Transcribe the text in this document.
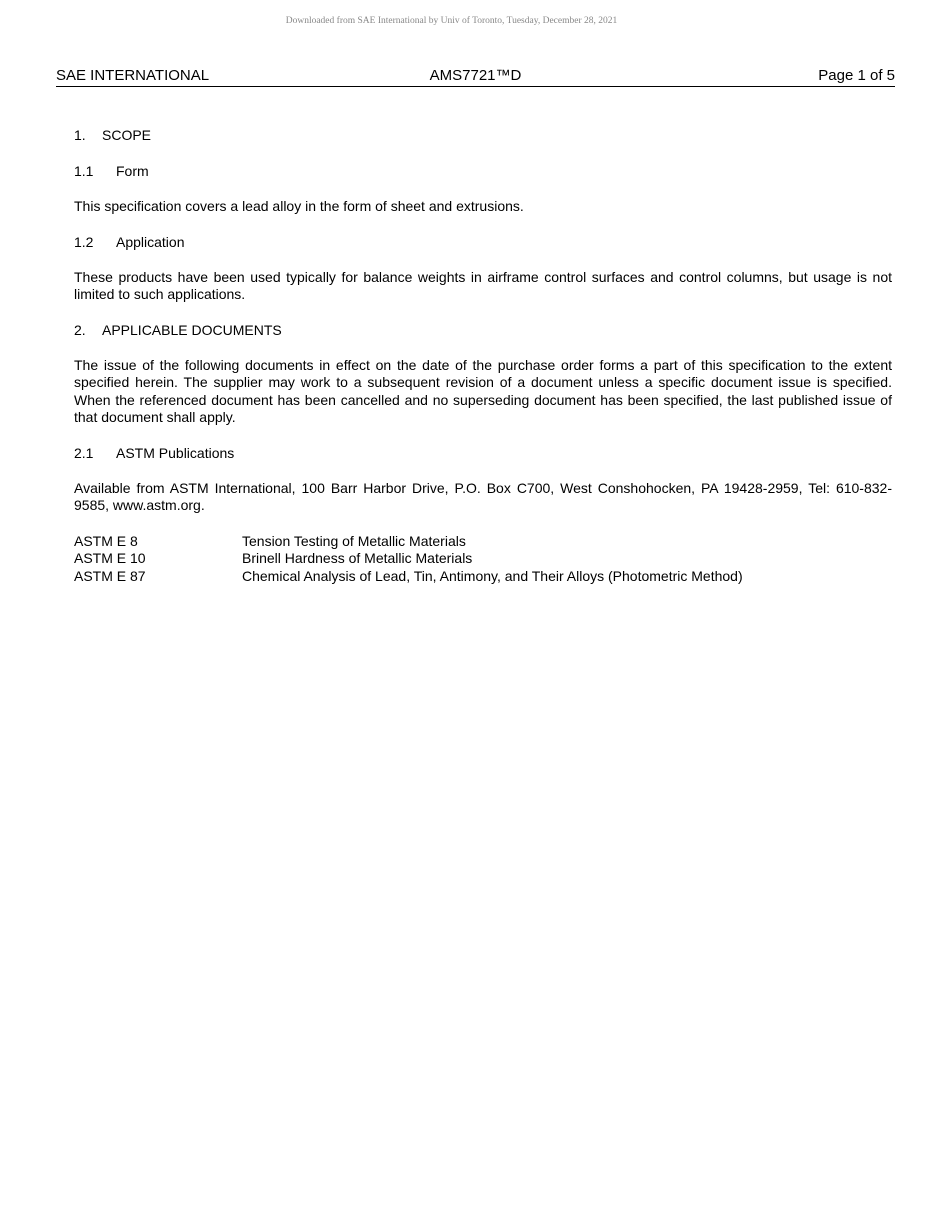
Downloaded from SAE International by Univ of Toronto, Tuesday, December 28, 2021
AMS7721™D
SAE INTERNATIONAL	Page 1 of 5
1. SCOPE
1.1 Form

This specification covers a lead alloy in the form of sheet and extrusions.

1.2 Application

These products have been used typically for balance weights in airframe control surfaces and control columns, but usage is not limited to such applications.

2. APPLICABLE DOCUMENTS

The issue of the following documents in effect on the date of the purchase order forms a part of this specification to the extent specified herein. The supplier may work to a subsequent revision of a document unless a specific document issue is specified. When the referenced document has been cancelled and no superseding document has been specified, the last published issue of that document shall apply.

2.1 ASTM Publications

Available from ASTM International, 100 Barr Harbor Drive, P.O. Box C700, West Conshohocken, PA 19428-2959, Tel: 610-832-9585, www.astm.org.

ASTM E 8	Tension Testing of Metallic Materials
ASTM E 10	Brinell Hardness of Metallic Materials
ASTM E 87	Chemical Analysis of Lead, Tin, Antimony, and Their Alloys (Photometric Method)
